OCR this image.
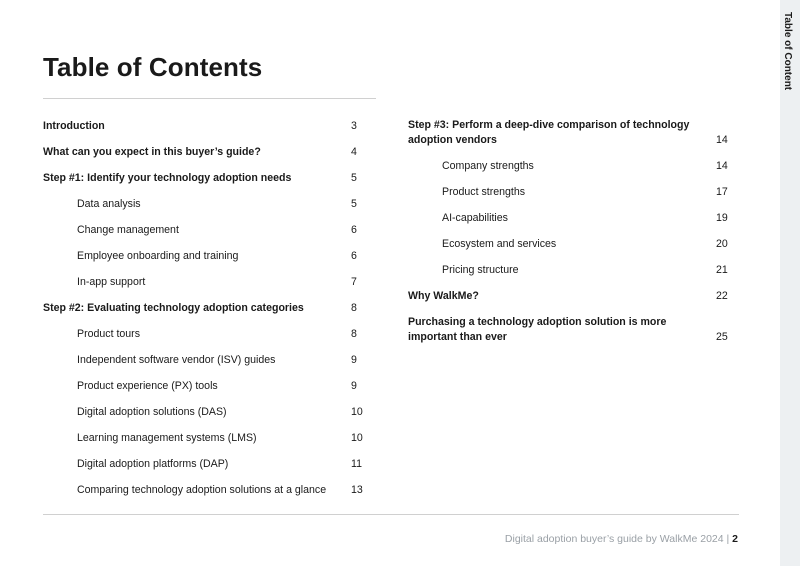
Table of Content
Table of Contents
Introduction	3
What can you expect in this buyer’s guide?	4
Step #1: Identify your technology adoption needs	5
Data analysis	5
Change management	6
Employee onboarding and training	6
In-app support	7
Step #2: Evaluating technology adoption categories	8
Product tours	8
Independent software vendor (ISV) guides	9
Product experience (PX) tools	9
Digital adoption solutions (DAS)	10
Learning management systems (LMS)	10
Digital adoption platforms (DAP)	11
Comparing technology adoption solutions at a glance 13
Step #3: Perform a deep-dive comparison of technology adoption vendors	14
Company strengths	14
Product strengths	17
AI-capabilities	19
Ecosystem and services	20
Pricing structure	21
Why WalkMe?	22
Purchasing a technology adoption solution is more important than ever	25
Digital adoption buyer’s guide by WalkMe 2024 | 2
